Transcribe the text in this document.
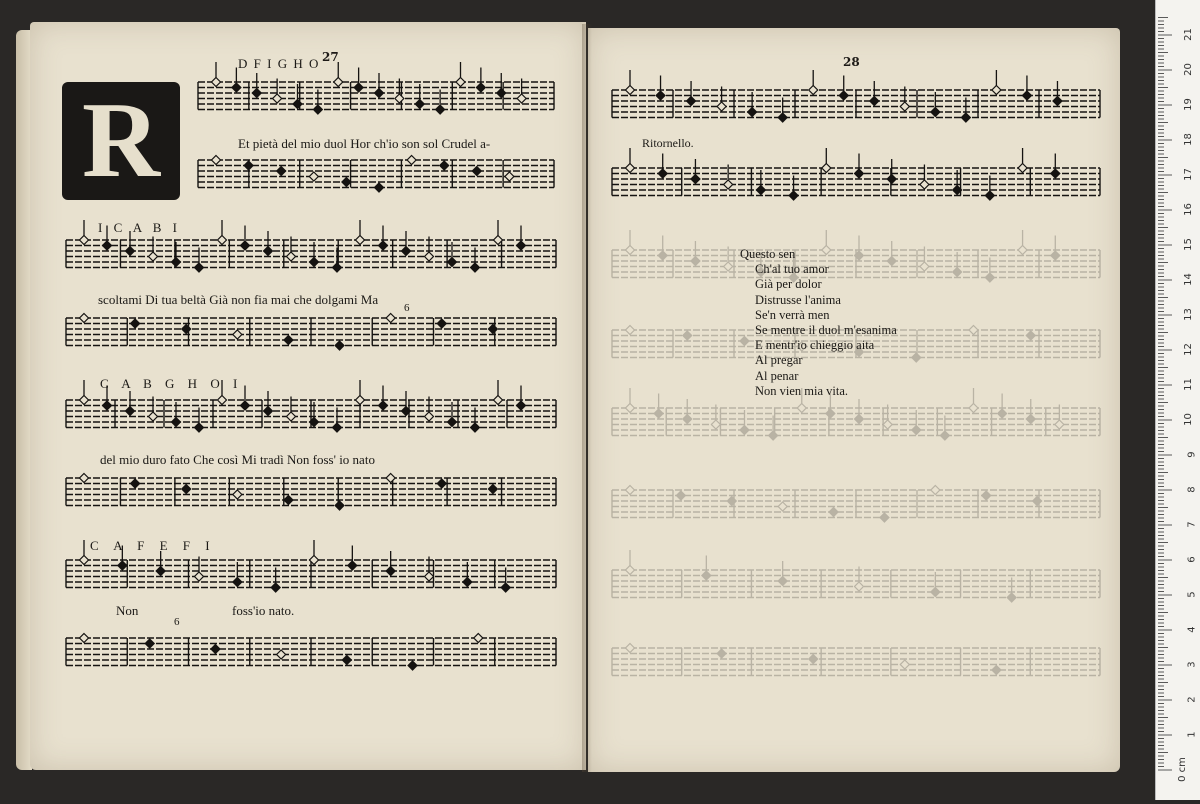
27	28
R
D F I G H O
Et pietà del mio duol Hor ch'io son sol Crudel a-
I C A B I
scoltami Di tua beltà Già non fia mai che dolgami Ma
6
C A B G H O I
del mio duro fato Che così Mi tradì Non foss' io nato
C A F E F I
Non	foss'io nato.
6
Ritornello.
Questo sen
Ch'al tuo amor
Già per dolor
Distrusse l'anima
Se'n verrà men
Se mentre il duol m'esanima
E mentr'io chieggio aita
Al pregar
Al penar
Non vien mia vita.
0 cm
1
2
3
4
5
6
7
8
9
10
11
12
13
14
15
16
17
18
19
20
21
